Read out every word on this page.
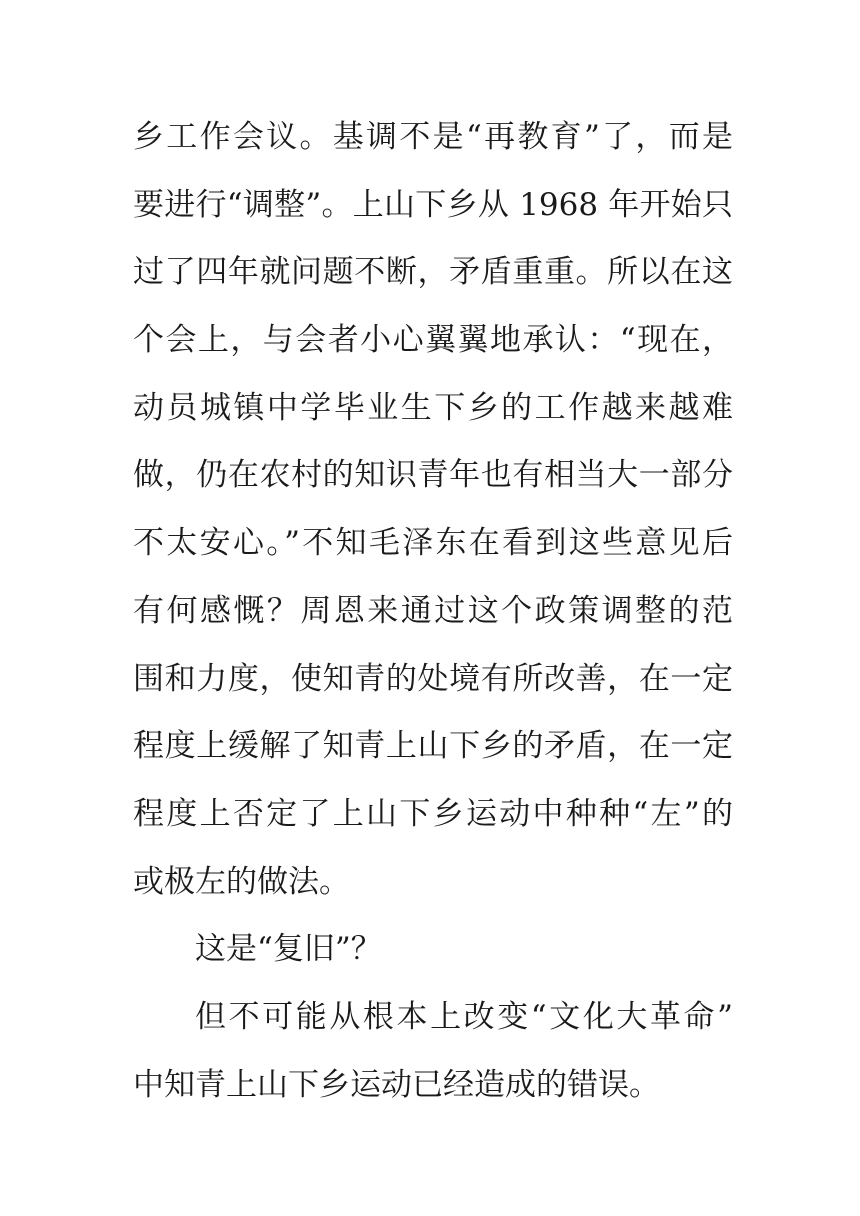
乡工作会议。基调不是“再教育”了，而是
要进行“调整”。上山下乡从 1968 年开始只
过了四年就问题不断，矛盾重重。所以在这
个会上，与会者小心翼翼地承认：“现在，
动员城镇中学毕业生下乡的工作越来越难
做，仍在农村的知识青年也有相当大一部分
不太安心。”不知毛泽东在看到这些意见后
有何感慨？周恩来通过这个政策调整的范
围和力度，使知青的处境有所改善，在一定
程度上缓解了知青上山下乡的矛盾，在一定
程度上否定了上山下乡运动中种种“左”的
或极左的做法。
这是“复旧”？
但不可能从根本上改变“文化大革命”
中知青上山下乡运动已经造成的错误。
